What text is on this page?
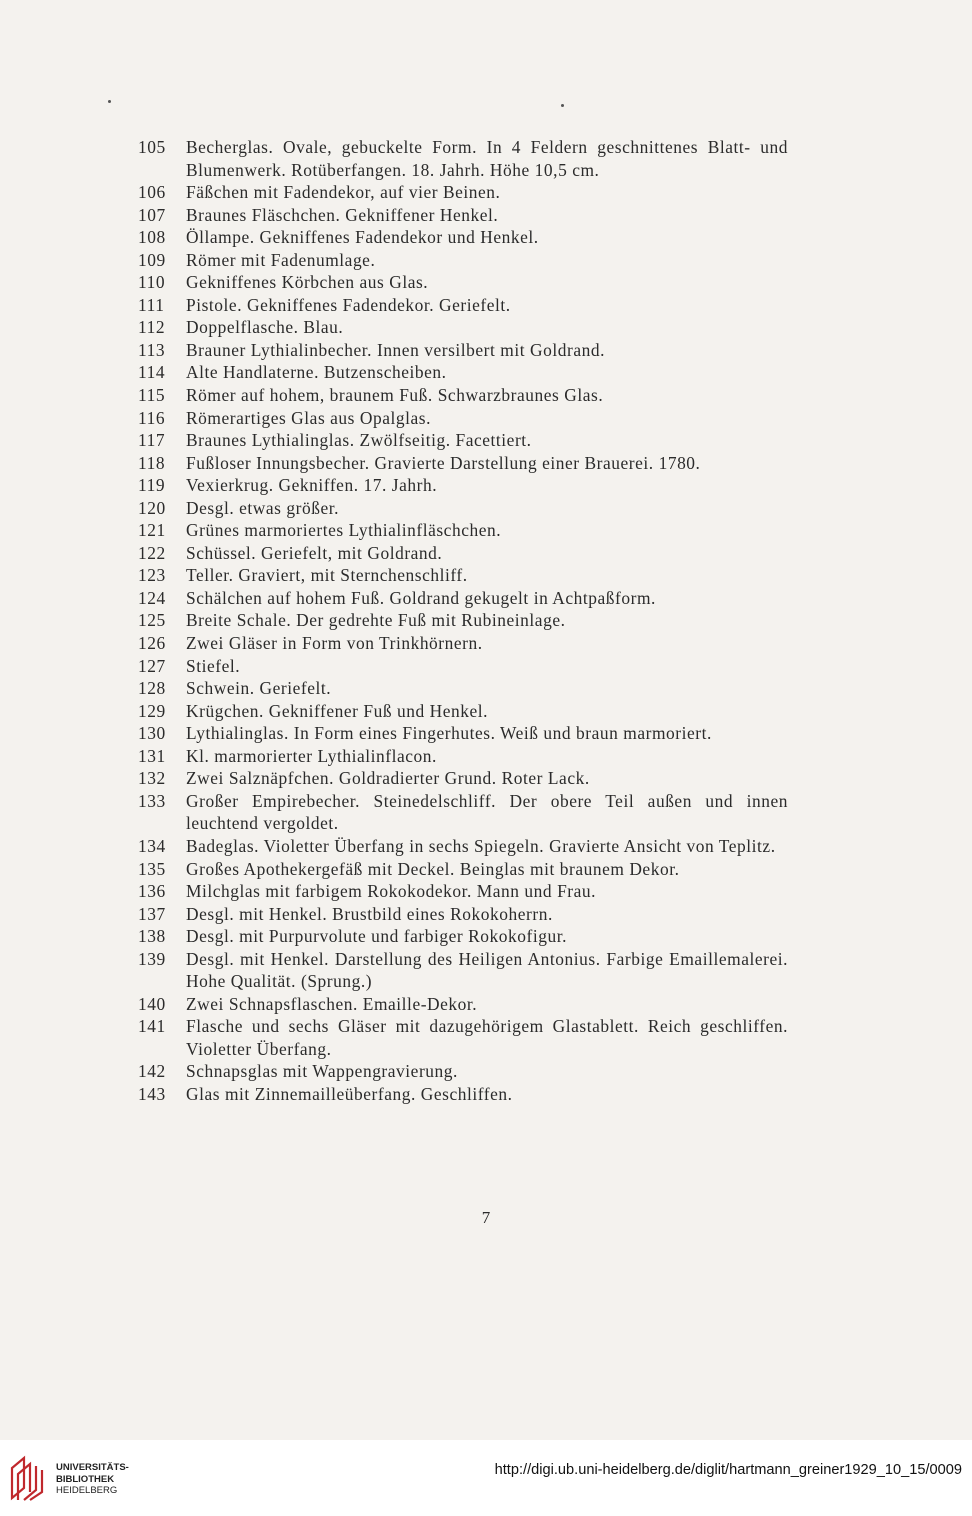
105	Becherglas. Ovale, gebuckelte Form. In 4 Feldern geschnittenes Blatt- und Blumenwerk. Rotüberfangen. 18. Jahrh. Höhe 10,5 cm.
106	Fäßchen mit Fadendekor, auf vier Beinen.
107	Braunes Fläschchen. Gekniffener Henkel.
108	Öllampe. Gekniffenes Fadendekor und Henkel.
109	Römer mit Fadenumlage.
110	Gekniffenes Körbchen aus Glas.
111	Pistole. Gekniffenes Fadendekor. Geriefelt.
112	Doppelflasche. Blau.
113	Brauner Lythialinbecher. Innen versilbert mit Goldrand.
114	Alte Handlaterne. Butzenscheiben.
115	Römer auf hohem, braunem Fuß. Schwarzbraunes Glas.
116	Römerartiges Glas aus Opalglas.
117	Braunes Lythialinglas. Zwölfseitig. Facettiert.
118	Fußloser Innungsbecher. Gravierte Darstellung einer Brauerei. 1780.
119	Vexierkrug. Gekniffen. 17. Jahrh.
120	Desgl. etwas größer.
121	Grünes marmoriertes Lythialinfläschchen.
122	Schüssel. Geriefelt, mit Goldrand.
123	Teller. Graviert, mit Sternchenschliff.
124	Schälchen auf hohem Fuß. Goldrand gekugelt in Achtpaßform.
125	Breite Schale. Der gedrehte Fuß mit Rubineinlage.
126	Zwei Gläser in Form von Trinkhörnern.
127	Stiefel.
128	Schwein. Geriefelt.
129	Krügchen. Gekniffener Fuß und Henkel.
130	Lythialinglas. In Form eines Fingerhutes. Weiß und braun marmoriert.
131	Kl. marmorierter Lythialinflacon.
132	Zwei Salznäpfchen. Goldradierter Grund. Roter Lack.
133	Großer Empirebecher. Steinedelschliff. Der obere Teil außen und innen leuchtend vergoldet.
134	Badeglas. Violetter Überfang in sechs Spiegeln. Gravierte Ansicht von Teplitz.
135	Großes Apothekergefäß mit Deckel. Beinglas mit braunem Dekor.
136	Milchglas mit farbigem Rokokodekor. Mann und Frau.
137	Desgl. mit Henkel. Brustbild eines Rokokoherrn.
138	Desgl. mit Purpurvolute und farbiger Rokokofigur.
139	Desgl. mit Henkel. Darstellung des Heiligen Antonius. Farbige Emaillemalerei. Hohe Qualität. (Sprung.)
140	Zwei Schnapsflaschen. Emaille-Dekor.
141	Flasche und sechs Gläser mit dazugehörigem Glastablett. Reich geschliffen. Violetter Überfang.
142	Schnapsglas mit Wappengravierung.
143	Glas mit Zinnemailleüberfang. Geschliffen.
7
UNIVERSITÄTS-
BIBLIOTHEK
HEIDELBERG
http://digi.ub.uni-heidelberg.de/diglit/hartmann_greiner1929_10_15/0009
